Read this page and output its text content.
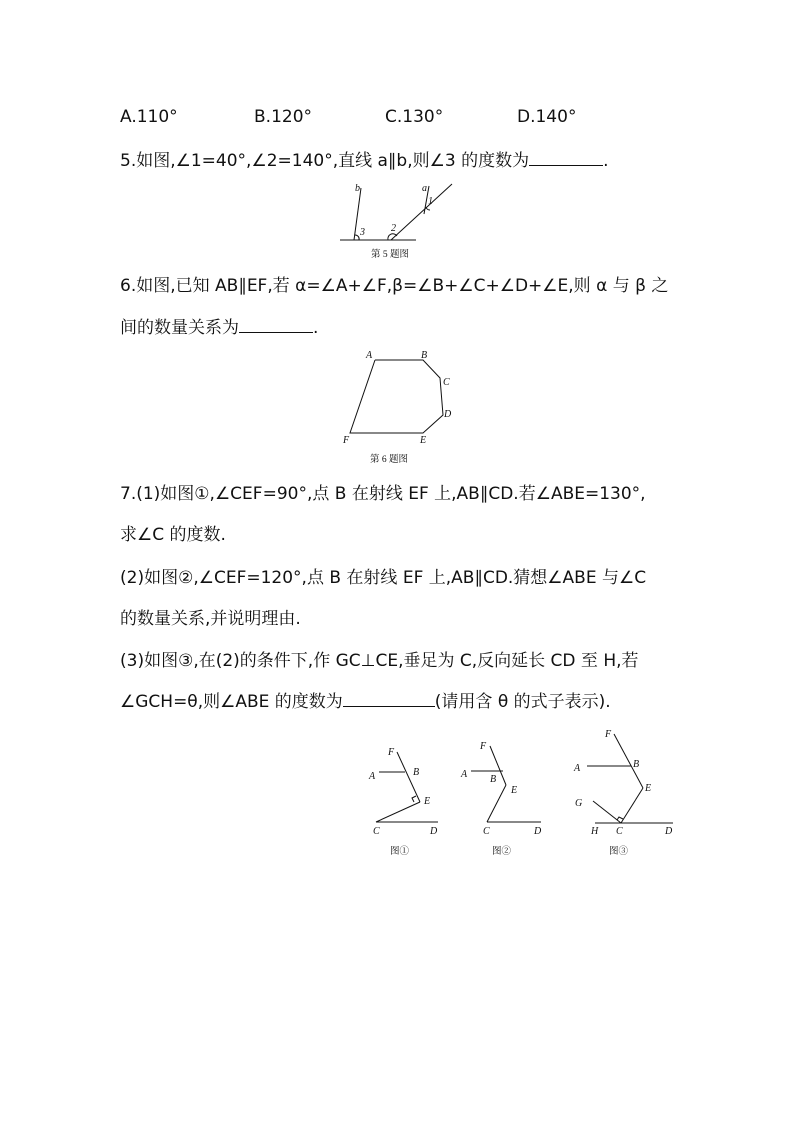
A.110°	B.120°	C.130°	D.140°
5.如图,∠1=40°,∠2=140°,直线 a∥b,则∠3 的度数为	.
b	a
1
2
3
第 5 题图
6.如图,已知 AB∥EF,若 α=∠A+∠F,β=∠B+∠C+∠D+∠E,则 α 与 β 之
间的数量关系为	.
A	B
C
D
E
F
第 6 题图
7.(1)如图①,∠CEF=90°,点 B 在射线 EF 上,AB∥CD.若∠ABE=130°,
求∠C 的度数.
(2)如图②,∠CEF=120°,点 B 在射线 EF 上,AB∥CD.猜想∠ABE 与∠C
的数量关系,并说明理由.
(3)如图③,在(2)的条件下,作 GC⊥CE,垂足为 C,反向延长 CD 至 H,若
∠GCH=θ,则∠ABE 的度数为	(请用含 θ 的式子表示).
F
A	B
E
C	D
图①
F
A B
E
C	D
图②
F
A	B
E
G
H C	D
图③
